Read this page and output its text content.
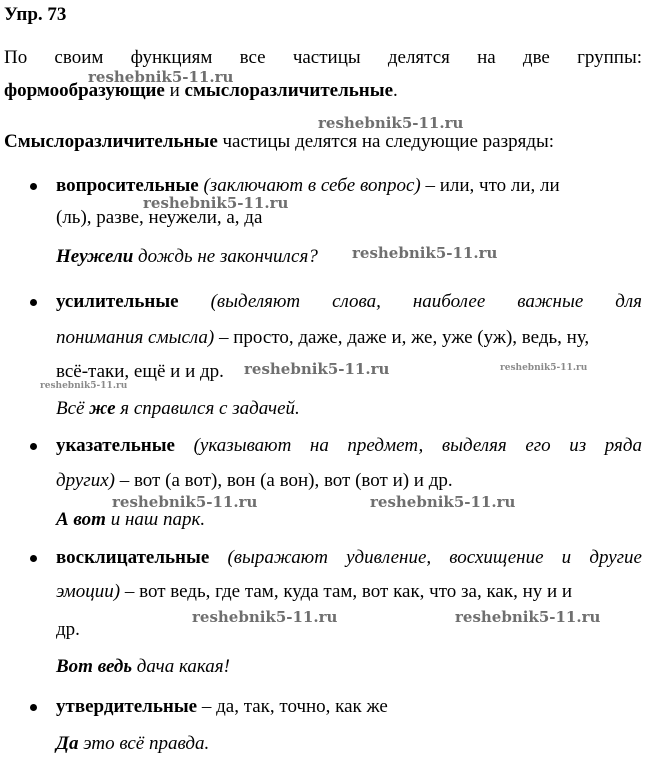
Упр. 73
По своим функциям все частицы делятся на две группы:
формообразующие и смыслоразличительные.
Смыслоразличительные частицы делятся на следующие разряды:
вопросительные (заключают в себе вопрос) – или, что ли, ли
(ль), разве, неужели, а, да
Неужели дождь не закончился?
усилительные (выделяют слова, наиболее важные для
понимания смысла) – просто, даже, даже и, же, уже (уж), ведь, ну,
всё-таки, ещё и и др.
Всё же я справился с задачей.
указательные (указывают на предмет, выделяя его из ряда
других) – вот (а вот), вон (а вон), вот (вот и) и др.
А вот и наш парк.
восклицательные (выражают удивление, восхищение и другие
эмоции) – вот ведь, где там, куда там, вот как, что за, как, ну и и
др.
Вот ведь дача какая!
утвердительные – да, так, точно, как же
Да это всё правда.
reshebnik5-11.ru
reshebnik5-11.ru
reshebnik5-11.ru
reshebnik5-11.ru
reshebnik5-11.ru	reshebnik5-11.ru
reshebnik5-11.ru
reshebnik5-11.ru	reshebnik5-11.ru
reshebnik5-11.ru	reshebnik5-11.ru
